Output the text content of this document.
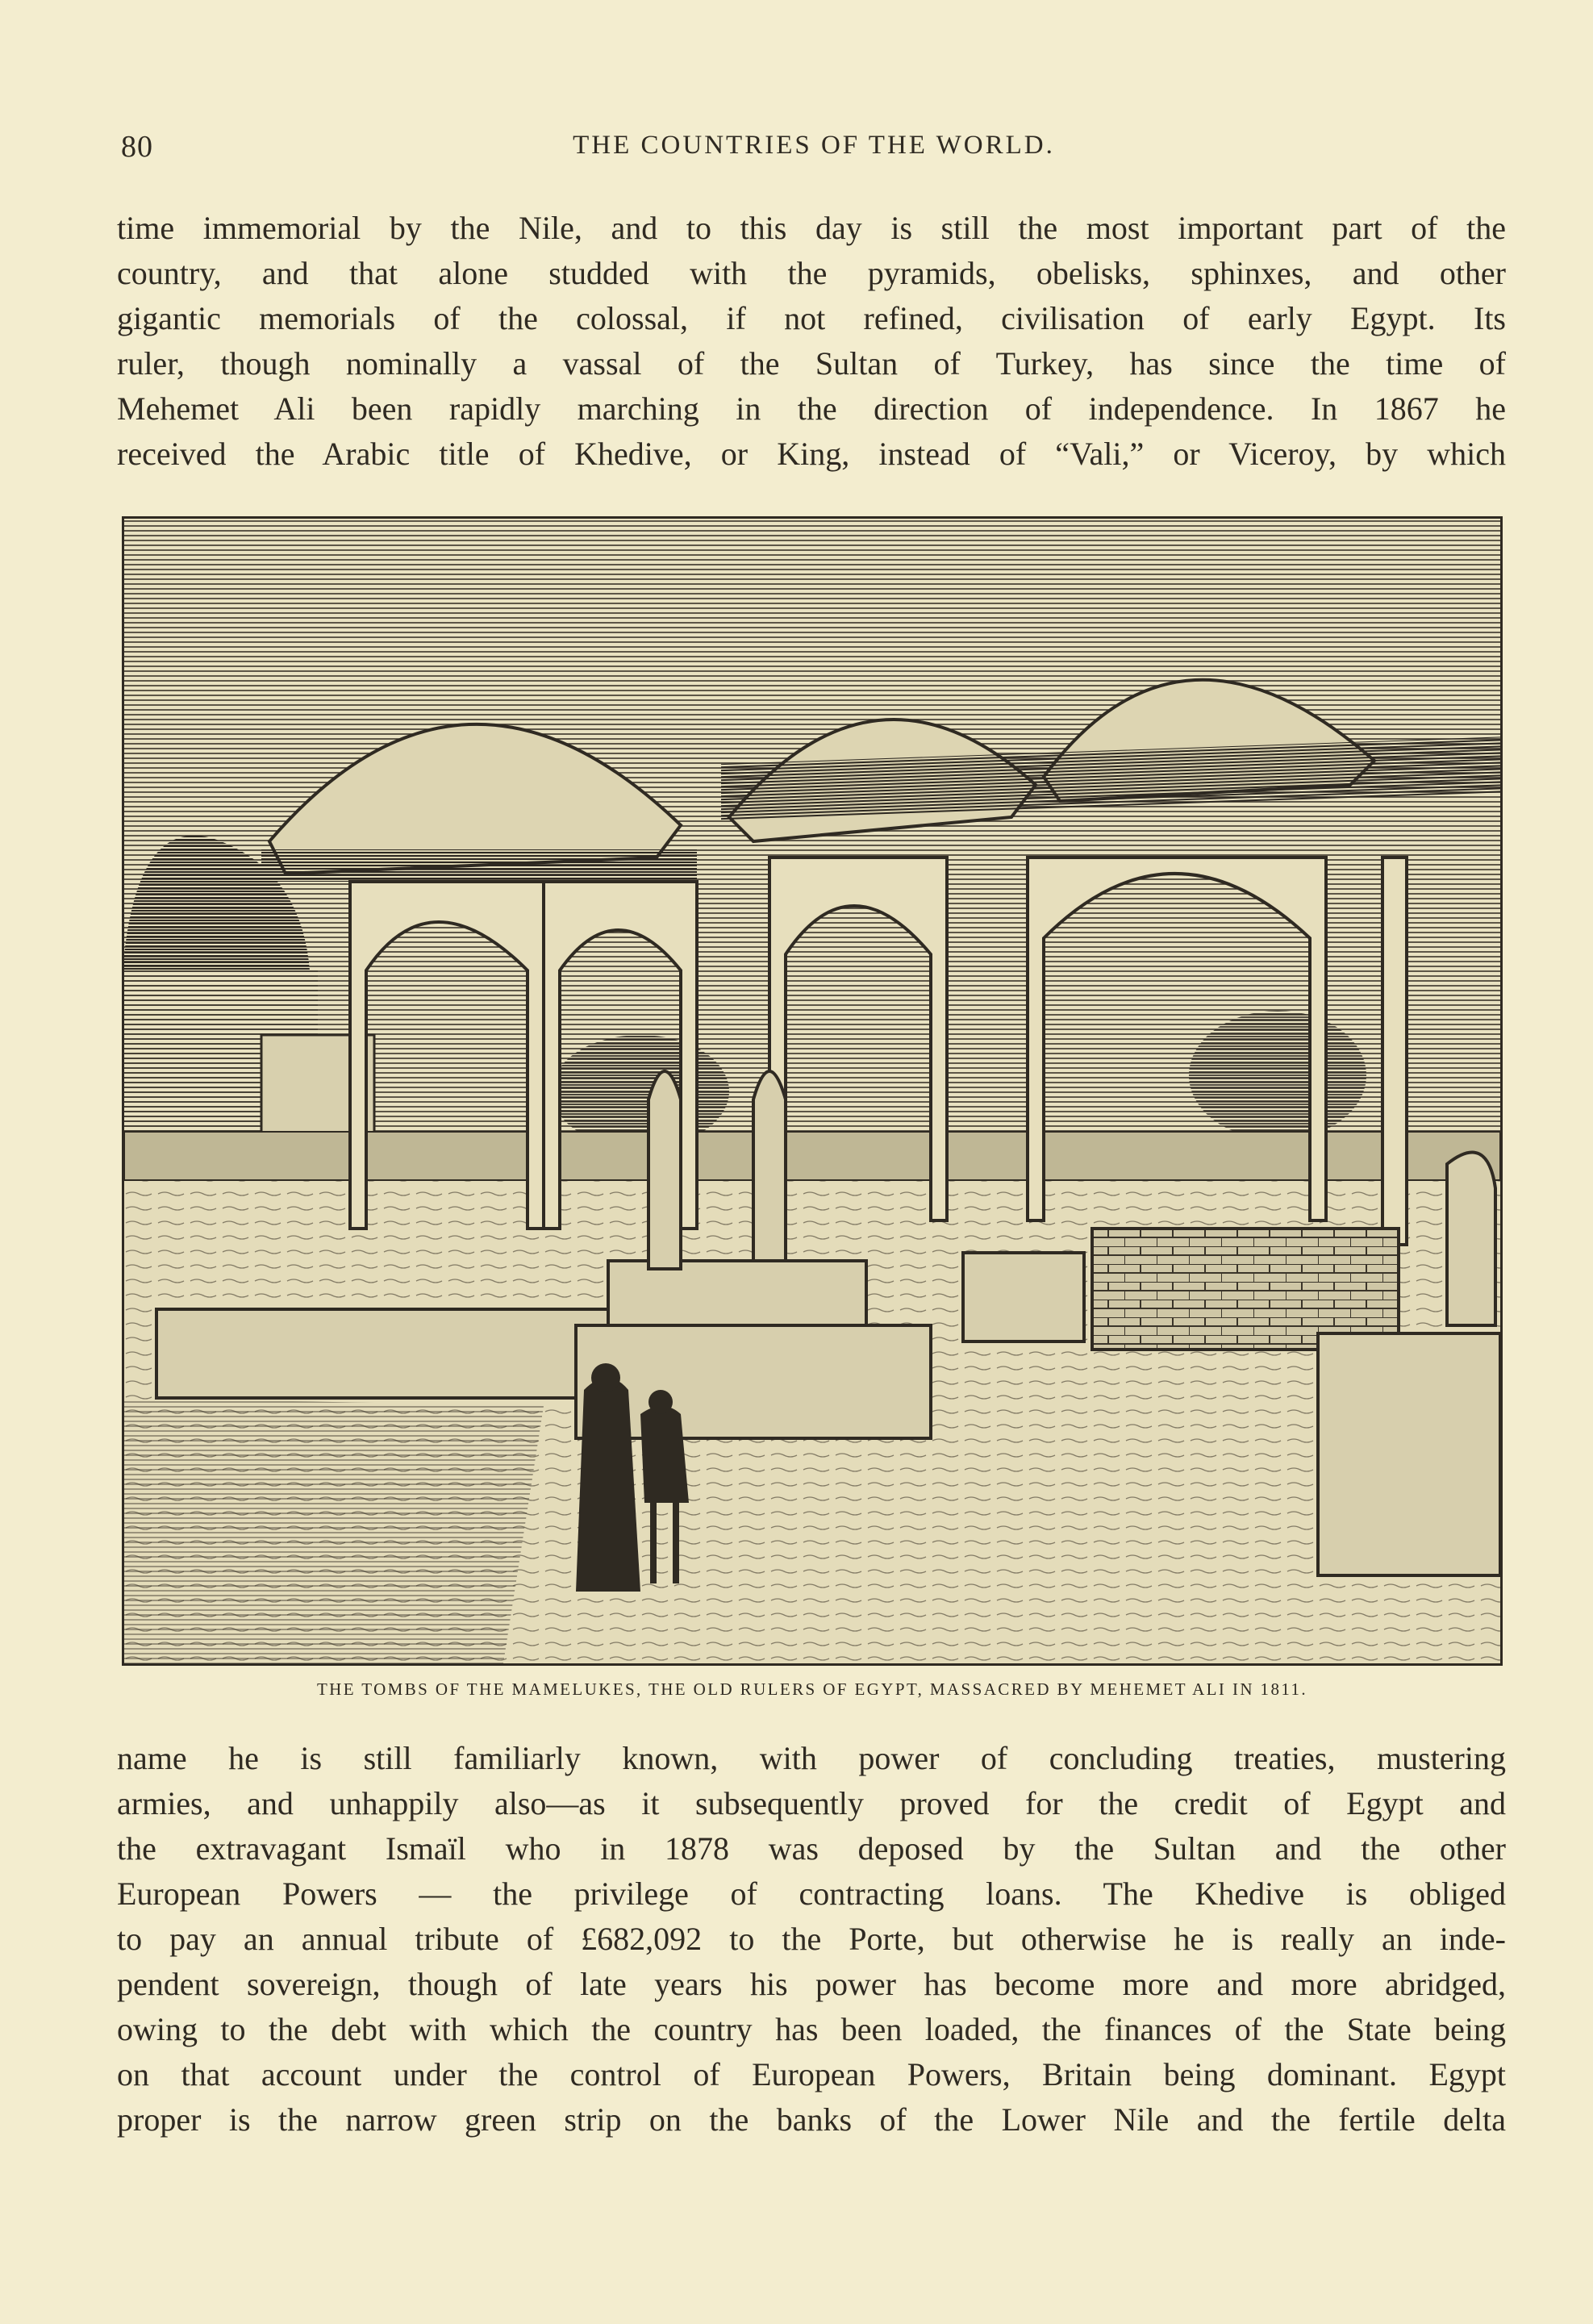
80	THE COUNTRIES OF THE WORLD.
time immemorial by the Nile, and to this day is still the most important part of the
country, and that alone studded with the pyramids, obelisks, sphinxes, and other
gigantic memorials of the colossal, if not refined, civilisation of early Egypt. Its
ruler, though nominally a vassal of the Sultan of Turkey, has since the time of
Mehemet Ali been rapidly marching in the direction of independence. In 1867 he
received the Arabic title of Khedive, or King, instead of “Vali,” or Viceroy, by which
THE TOMBS OF THE MAMELUKES, THE OLD RULERS OF EGYPT, MASSACRED BY MEHEMET ALI IN 1811.
name he is still familiarly known, with power of concluding treaties, mustering
armies, and unhappily also—as it subsequently proved for the credit of Egypt and
the extravagant Ismaïl who in 1878 was deposed by the Sultan and the other
European Powers — the privilege of contracting loans. The Khedive is obliged
to pay an annual tribute of £682,092 to the Porte, but otherwise he is really an inde-
pendent sovereign, though of late years his power has become more and more abridged,
owing to the debt with which the country has been loaded, the finances of the State being
on that account under the control of European Powers, Britain being dominant. Egypt
proper is the narrow green strip on the banks of the Lower Nile and the fertile delta
